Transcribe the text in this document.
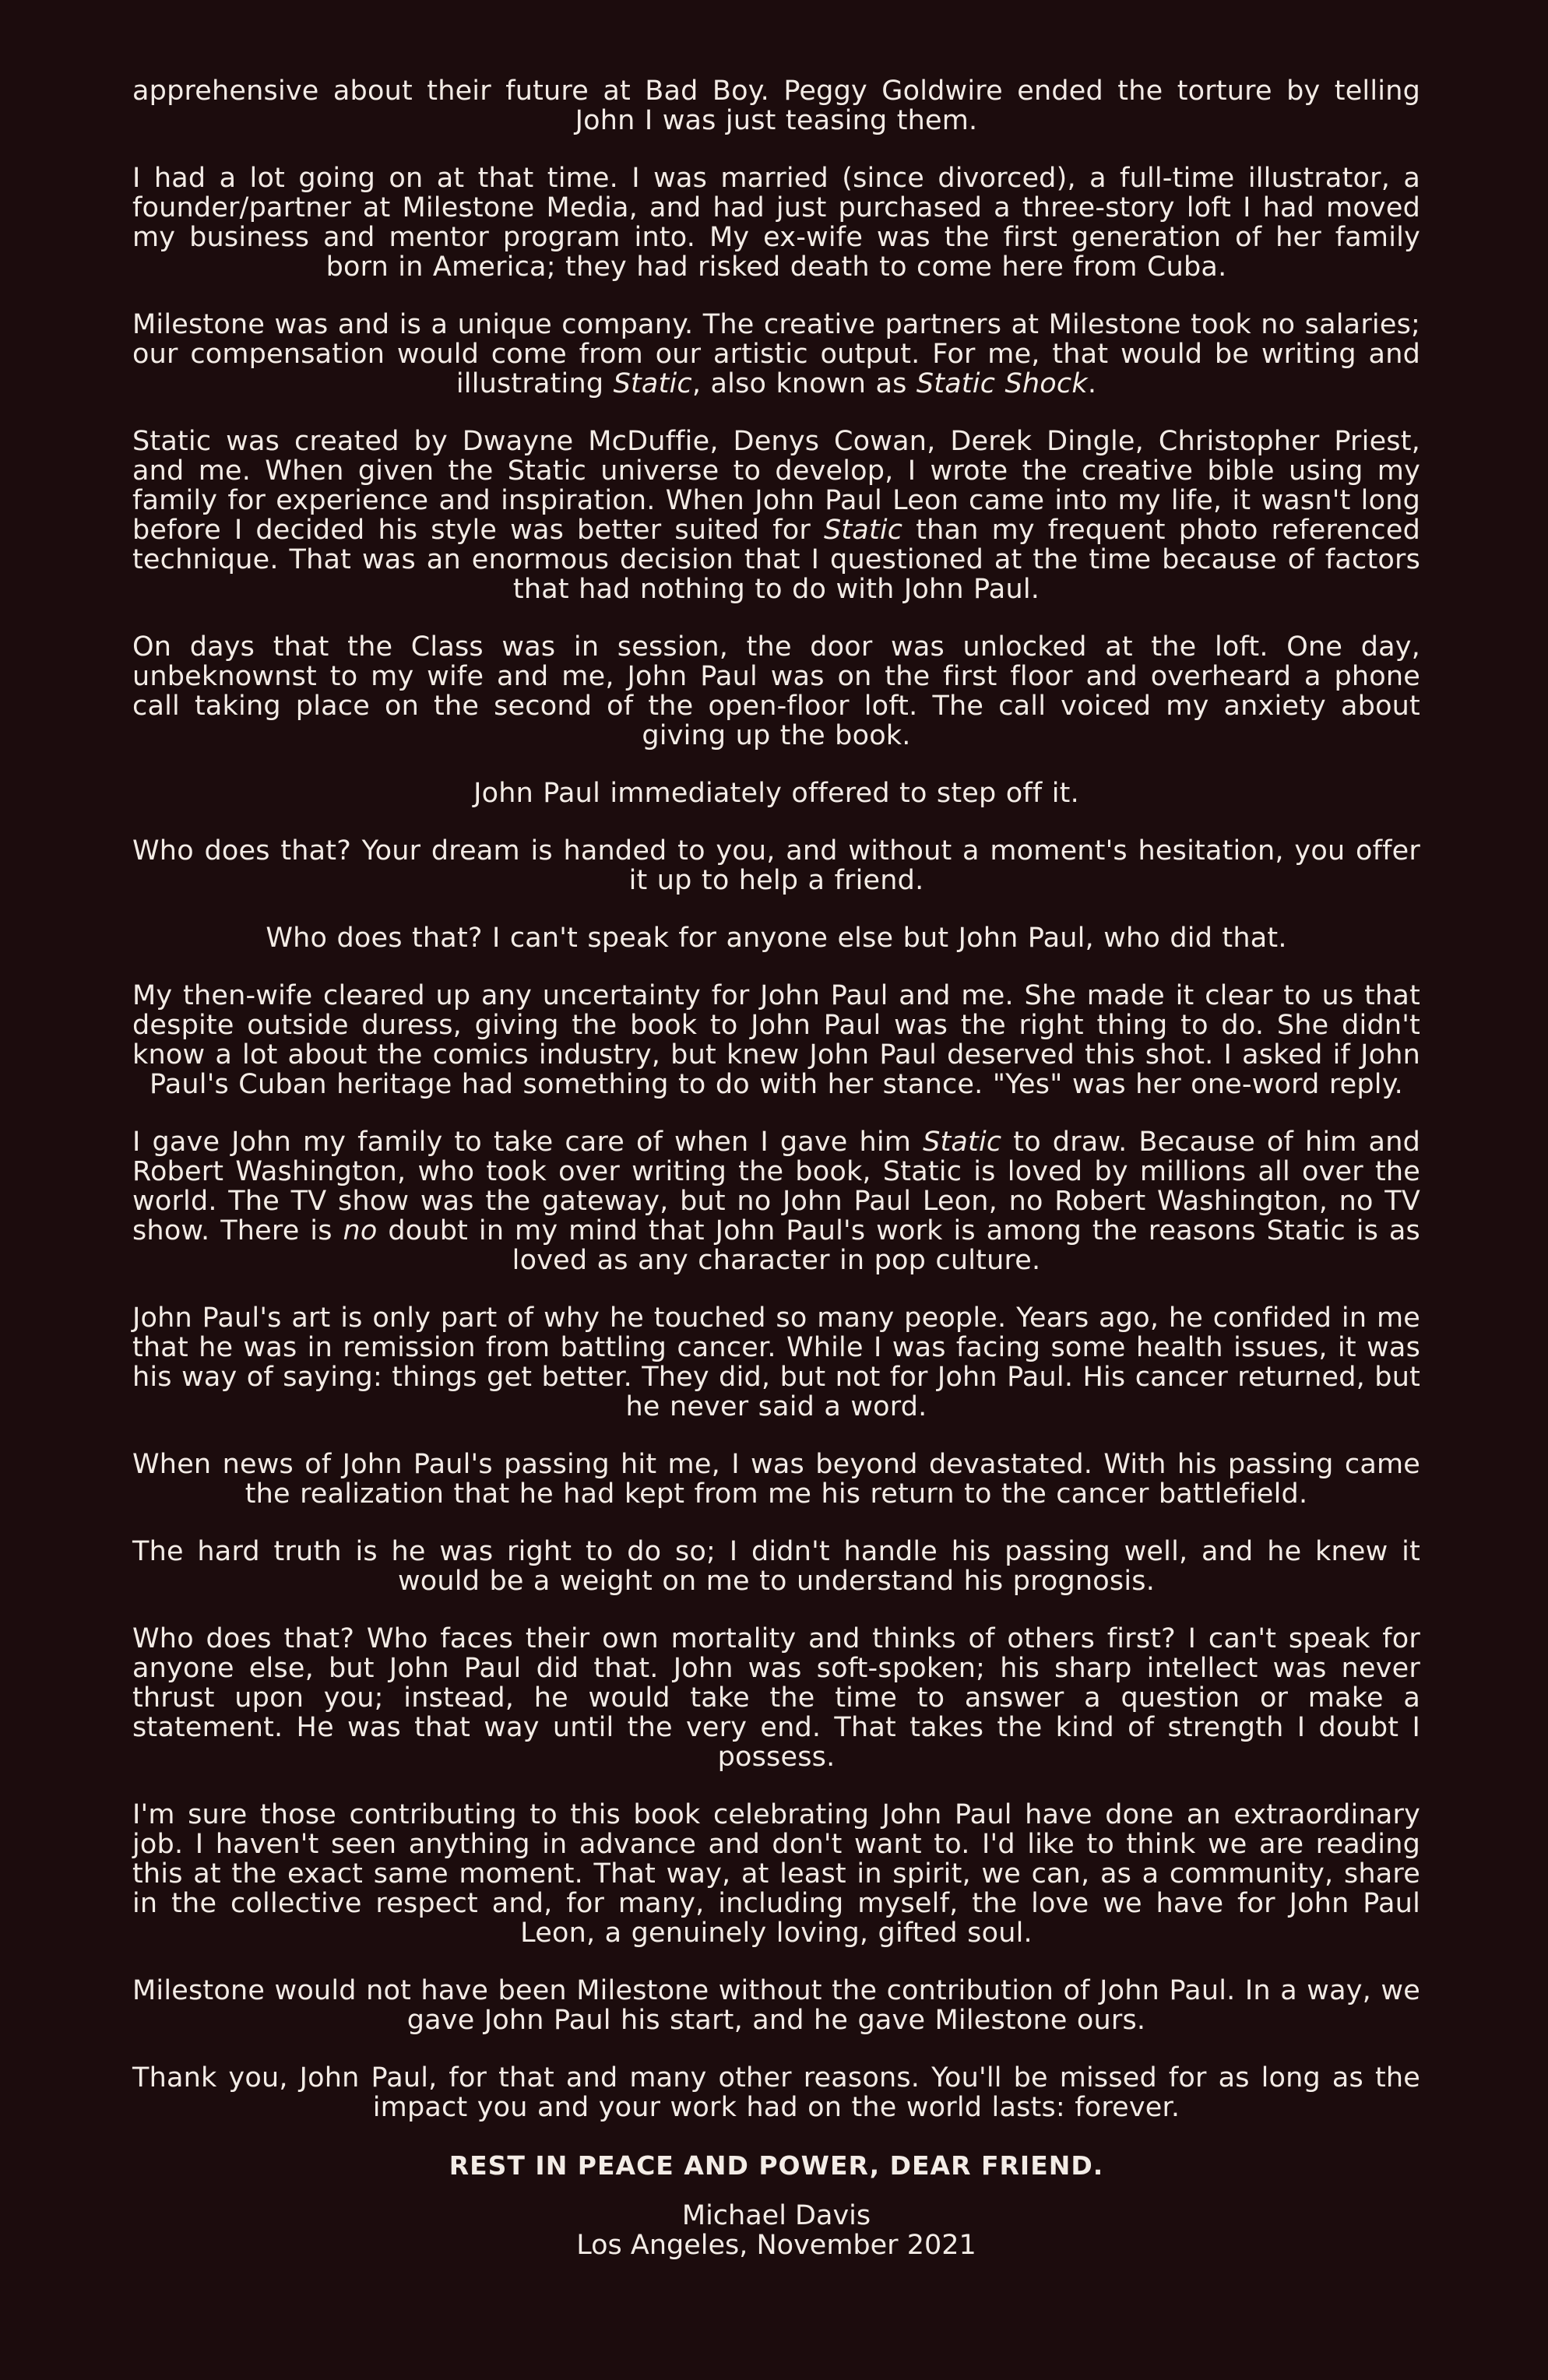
apprehensive about their future at Bad Boy. Peggy Goldwire ended the torture by telling John I was just teasing them.

I had a lot going on at that time. I was married (since divorced), a full-time illustrator, a founder/partner at Milestone Media, and had just purchased a three-story loft I had moved my business and mentor program into. My ex-wife was the first generation of her family born in America; they had risked death to come here from Cuba.

Milestone was and is a unique company. The creative partners at Milestone took no salaries; our compensation would come from our artistic output. For me, that would be writing and illustrating Static, also known as Static Shock.

Static was created by Dwayne McDuffie, Denys Cowan, Derek Dingle, Christopher Priest, and me. When given the Static universe to develop, I wrote the creative bible using my family for experience and inspiration. When John Paul Leon came into my life, it wasn't long before I decided his style was better suited for Static than my frequent photo referenced technique. That was an enormous decision that I questioned at the time because of factors that had nothing to do with John Paul.

On days that the Class was in session, the door was unlocked at the loft. One day, unbeknownst to my wife and me, John Paul was on the first floor and overheard a phone call taking place on the second of the open-floor loft. The call voiced my anxiety about giving up the book.

John Paul immediately offered to step off it.

Who does that? Your dream is handed to you, and without a moment's hesitation, you offer it up to help a friend.

Who does that? I can't speak for anyone else but John Paul, who did that.

My then-wife cleared up any uncertainty for John Paul and me. She made it clear to us that despite outside duress, giving the book to John Paul was the right thing to do. She didn't know a lot about the comics industry, but knew John Paul deserved this shot. I asked if John Paul's Cuban heritage had something to do with her stance. "Yes" was her one-word reply.

I gave John my family to take care of when I gave him Static to draw. Because of him and Robert Washington, who took over writing the book, Static is loved by millions all over the world. The TV show was the gateway, but no John Paul Leon, no Robert Washington, no TV show. There is no doubt in my mind that John Paul's work is among the reasons Static is as loved as any character in pop culture.

John Paul's art is only part of why he touched so many people. Years ago, he confided in me that he was in remission from battling cancer. While I was facing some health issues, it was his way of saying: things get better. They did, but not for John Paul. His cancer returned, but he never said a word.

When news of John Paul's passing hit me, I was beyond devastated. With his passing came the realization that he had kept from me his return to the cancer battlefield.

The hard truth is he was right to do so; I didn't handle his passing well, and he knew it would be a weight on me to understand his prognosis.

Who does that? Who faces their own mortality and thinks of others first? I can't speak for anyone else, but John Paul did that. John was soft-spoken; his sharp intellect was never thrust upon you; instead, he would take the time to answer a question or make a statement. He was that way until the very end. That takes the kind of strength I doubt I possess.

I'm sure those contributing to this book celebrating John Paul have done an extraordinary job. I haven't seen anything in advance and don't want to. I'd like to think we are reading this at the exact same moment. That way, at least in spirit, we can, as a community, share in the collective respect and, for many, including myself, the love we have for John Paul Leon, a genuinely loving, gifted soul.

Milestone would not have been Milestone without the contribution of John Paul. In a way, we gave John Paul his start, and he gave Milestone ours.

Thank you, John Paul, for that and many other reasons. You'll be missed for as long as the impact you and your work had on the world lasts: forever.

REST IN PEACE AND POWER, DEAR FRIEND.
Michael Davis
Los Angeles, November 2021
